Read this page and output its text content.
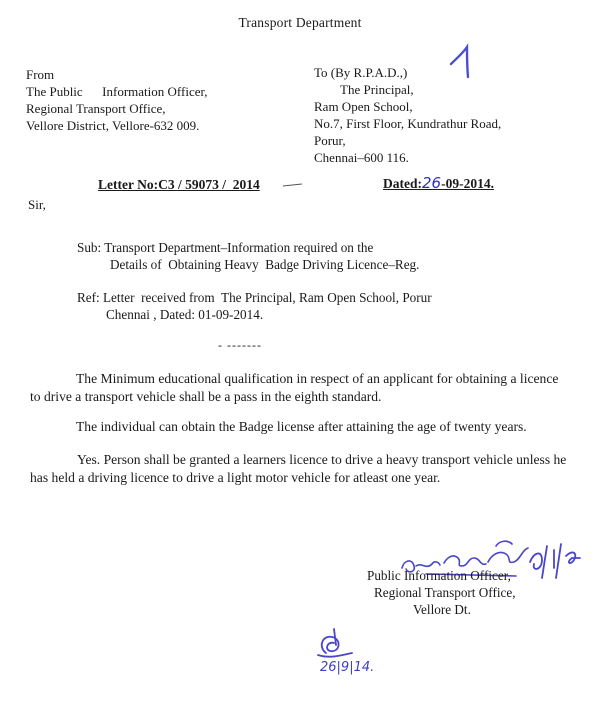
Transport Department
From
The Public      Information Officer,
Regional Transport Office,
Vellore District, Vellore-632 009.
To (By R.P.A.D.,)
The Principal,
Ram Open School,
No.7, First Floor, Kundrathur Road,
Porur,
Chennai–600 116.
Letter No:C3 / 59073 /  2014	Dated:26-09-2014.
Sir,
Sub: Transport Department–Information required on the
Details of  Obtaining Heavy  Badge Driving Licence–Reg.
Ref: Letter  received from  The Principal, Ram Open School, Porur
Chennai , Dated: 01-09-2014.
- -------
The Minimum educational qualification in respect of an applicant for obtaining a licence
to drive a transport vehicle shall be a pass in the eighth standard.
The individual can obtain the Badge license after attaining the age of twenty years.
Yes. Person shall be granted a learners licence to drive a heavy transport vehicle unless he
has held a driving licence to drive a light motor vehicle for atleast one year.
Public Information Officer,
Regional Transport Office,
Vellore Dt.
26|9|14.
